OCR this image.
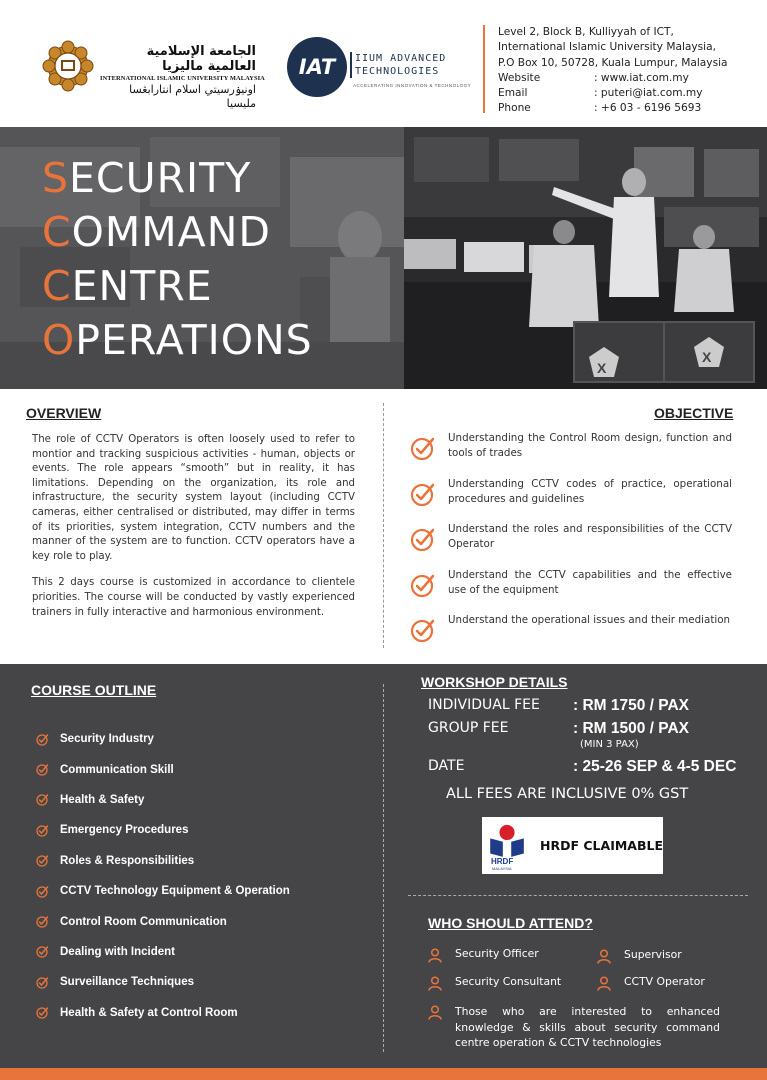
الجامعة الإسلامية العالمية ماليزيا
INTERNATIONAL ISLAMIC UNIVERSITY MALAYSIA
اونيۏرسيتي اسلام انتارابڠسا مليسيا
IAT	IIUM ADVANCED
TECHNOLOGIES
ACCELERATING INNOVATION & TECHNOLOGY
Level 2, Block B, Kulliyyah of ICT,
International Islamic University Malaysia,
P.O Box 10, 50728, Kuala Lumpur, Malaysia
Website	: www.iat.com.my
Email	: puteri@iat.com.my
Phone	: +6 03 - 6196 5693
SECURITY
COMMAND
CENTRE
OPERATIONS
X
X
OVERVIEW

The role of CCTV Operators is often loosely used to refer to montior and tracking suspicious activities - human, objects or events. The role appears “smooth” but in reality, it has limitations. Depending on the organization, its role and infrastructure, the security system layout (including CCTV cameras, either centralised or distributed, may differ in terms of its priorities, system integration, CCTV numbers and the manner of the system are to function. CCTV operators have a key role to play.

This 2 days course is customized in accordance to clientele priorities. The course will be conducted by vastly experienced trainers in fully interactive and harmonious environment.

OBJECTIVE
Understanding the Control Room design, function and tools of trades
Understanding CCTV codes of practice, operational procedures and guidelines
Understand the roles and responsibilities of the CCTV Operator
Understand the CCTV capabilities and the effective use of the equipment
Understand the operational issues and their mediation
COURSE OUTLINE
Security Industry
Communication Skill
Health & Safety
Emergency Procedures
Roles & Responsibilities
CCTV Technology Equipment & Operation
Control Room Communication
Dealing with Incident
Surveillance Techniques
Health & Safety at Control Room
WORKSHOP DETAILS
INDIVIDUAL FEE	: RM 1750 / PAX
GROUP FEE	: RM 1500 / PAX
(MIN 3 PAX)
DATE	: 25-26 SEP & 4-5 DEC
ALL FEES ARE INCLUSIVE 0% GST
HRDF
MALAYSIA
HRDF CLAIMABLE
WHO SHOULD ATTEND?
Security Officer	Supervisor
Security Consultant	CCTV Operator
Those who are interested to enhanced knowledge & skills about security command centre operation & CCTV technologies
